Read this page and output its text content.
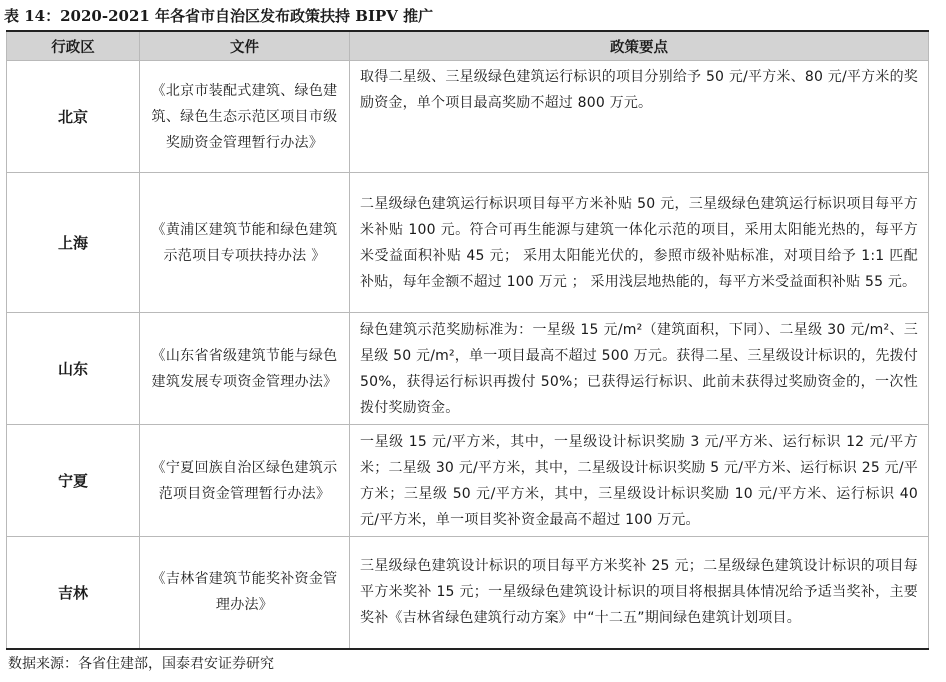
表 14：2020-2021 年各省市自治区发布政策扶持 BIPV 推广
行政区	文件	政策要点
北京	《北京市装配式建筑、绿色建筑、绿色生态示范区项目市级奖励资金管理暂行办法》	取得二星级、三星级绿色建筑运行标识的项目分别给予 50 元/平方米、80 元/平方米的奖励资金，单个项目最高奖励不超过 800 万元。
上海	《黄浦区建筑节能和绿色建筑示范项目专项扶持办法 》	二星级绿色建筑运行标识项目每平方米补贴 50 元，三星级绿色建筑运行标识项目每平方米补贴 100 元。符合可再生能源与建筑一体化示范的项目，采用太阳能光热的，每平方米受益面积补贴 45 元； 采用太阳能光伏的，参照市级补贴标准，对项目给予 1:1 匹配补贴，每年金额不超过 100 万元 ； 采用浅层地热能的，每平方米受益面积补贴 55 元。
山东	《山东省省级建筑节能与绿色建筑发展专项资金管理办法》	绿色建筑示范奖励标准为：一星级 15 元/m²（建筑面积，下同）、二星级 30 元/m²、三星级 50 元/m²，单一项目最高不超过 500 万元。获得二星、三星级设计标识的，先拨付 50%，获得运行标识再拨付 50%；已获得运行标识、此前未获得过奖励资金的，一次性拨付奖励资金。
宁夏	《宁夏回族自治区绿色建筑示范项目资金管理暂行办法》	一星级 15 元/平方米，其中，一星级设计标识奖励 3 元/平方米、运行标识 12 元/平方米；二星级 30 元/平方米，其中，二星级设计标识奖励 5 元/平方米、运行标识 25 元/平方米；三星级 50 元/平方米，其中，三星级设计标识奖励 10 元/平方米、运行标识 40 元/平方米，单一项目奖补资金最高不超过 100 万元。
吉林	《吉林省建筑节能奖补资金管理办法》	三星级绿色建筑设计标识的项目每平方米奖补 25 元；二星级绿色建筑设计标识的项目每平方米奖补 15 元；一星级绿色建筑设计标识的项目将根据具体情况给予适当奖补，主要奖补《吉林省绿色建筑行动方案》中“十二五”期间绿色建筑计划项目。
数据来源：各省住建部，国泰君安证券研究
